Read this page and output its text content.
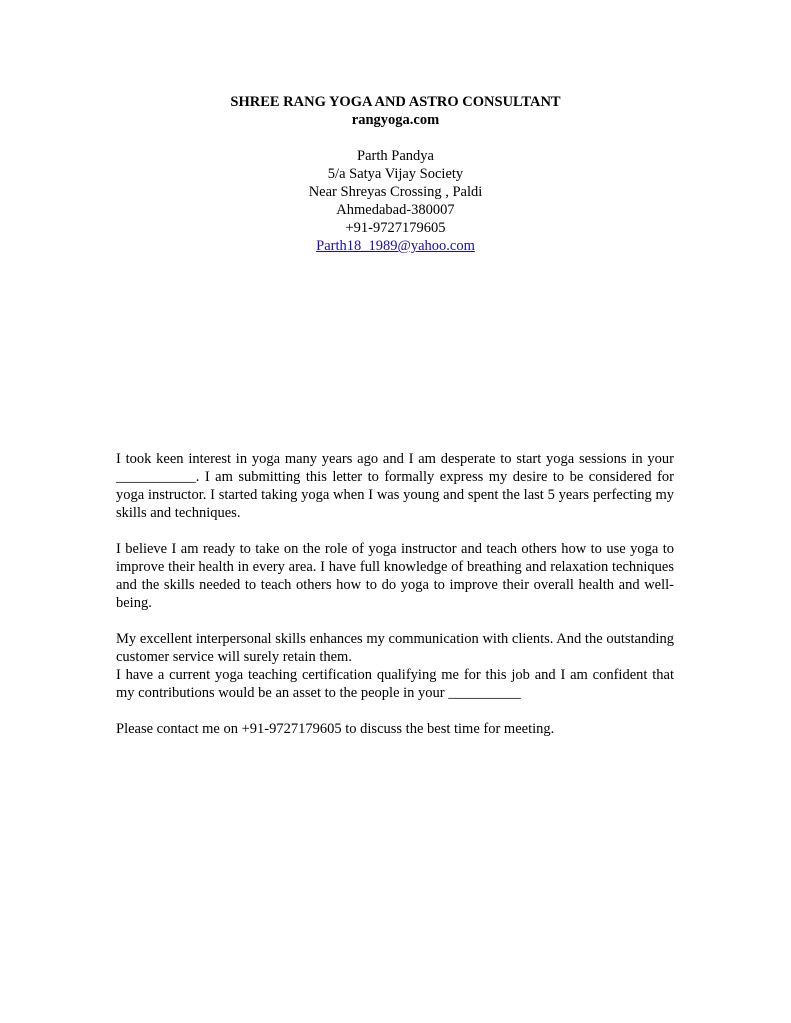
SHREE RANG YOGA AND ASTRO CONSULTANT
rangyoga.com
Parth Pandya
5/a Satya Vijay Society
Near Shreyas Crossing , Paldi
Ahmedabad-380007
+91-9727179605
Parth18_1989@yahoo.com

I took keen interest in yoga many years ago and I am desperate to start yoga sessions in your ___________. I am submitting this letter to formally express my desire to be considered for yoga instructor. I started taking yoga when I was young and spent the last 5 years perfecting my skills and techniques.

I believe I am ready to take on the role of yoga instructor and teach others how to use yoga to improve their health in every area. I have full knowledge of breathing and relaxation techniques and the skills needed to teach others how to do yoga to improve their overall health and well-being.

My excellent interpersonal skills enhances my communication with clients. And the outstanding customer service will surely retain them.

I have a current yoga teaching certification qualifying me for this job and I am confident that my contributions would be an asset to the people in your __________

Please contact me on +91-9727179605 to discuss the best time for meeting.
